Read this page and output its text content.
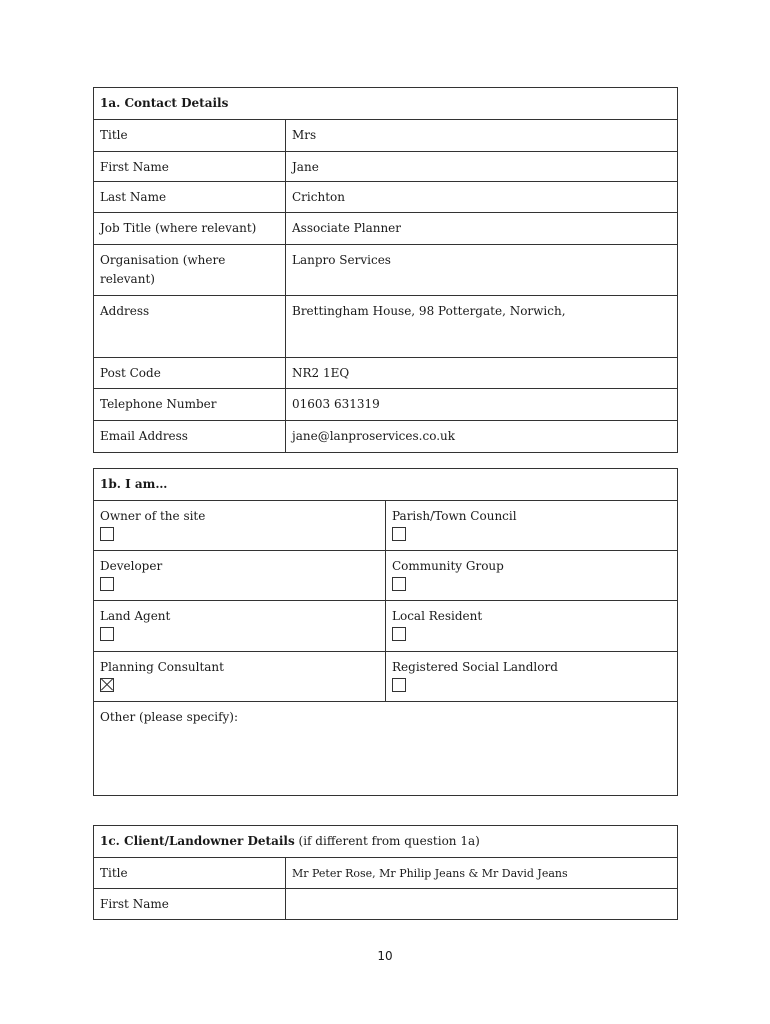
1a. Contact Details	
Title	Mrs
First Name	Jane
Last Name	Crichton
Job Title (where relevant)	Associate Planner
Organisation (where relevant)	Lanpro Services
Address	Brettingham House, 98 Pottergate, Norwich,
Post Code	NR2 1EQ
Telephone Number	01603 631319
Email Address	jane@lanproservices.co.uk
1b. I am…	
Owner of the site	Parish/Town Council

Developer	Community Group

Land Agent	Local Resident

Planning Consultant	Registered Social Landlord

Other (please specify):	
1c. Client/Landowner Details (if different from question 1a)	
Title	Mr Peter Rose, Mr Philip Jeans & Mr David Jeans
First Name	
10
